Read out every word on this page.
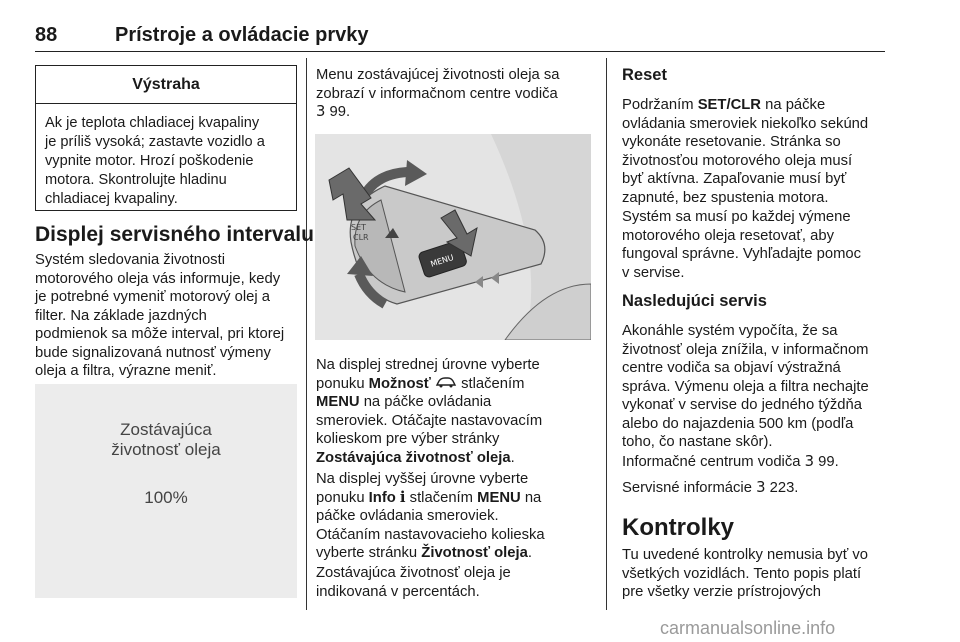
88	Prístroje a ovládacie prvky
Výstraha
Ak je teplota chladiacej kvapaliny
je príliš vysoká; zastavte vozidlo a
vypnite motor. Hrozí poškodenie
motora. Skontrolujte hladinu
chladiacej kvapaliny.
Displej servisného intervalu
Systém sledovania životnosti
motorového oleja vás informuje, kedy
je potrebné vymeniť motorový olej a
filter. Na základe jazdných
podmienok sa môže interval, pri ktorej
bude signalizovaná nutnosť výmeny
oleja a filtra, výrazne meniť.
Zostávajúca
životnosť oleja
100%
Menu zostávajúcej životnosti oleja sa
zobrazí v informačnom centre vodiča
3 99.
SET
CLR
MENU
Na displej strednej úrovne vyberte
ponuku Možnosť stlačením
MENU na páčke ovládania
smeroviek. Otáčajte nastavovacím
kolieskom pre výber stránky
Zostávajúca životnosť oleja.
Na displej vyššej úrovne vyberte
ponuku Info i stlačením MENU na
páčke ovládania smeroviek.
Otáčaním nastavovacieho kolieska
vyberte stránku Životnosť oleja.
Zostávajúca životnosť oleja je
indikovaná v percentách.
Reset
Podržaním SET/CLR na páčke
ovládania smeroviek niekoľko sekúnd
vykonáte resetovanie. Stránka so
životnosťou motorového oleja musí
byť aktívna. Zapaľovanie musí byť
zapnuté, bez spustenia motora.
Systém sa musí po každej výmene
motorového oleja resetovať, aby
fungoval správne. Vyhľadajte pomoc
v servise.
Nasledujúci servis
Akonáhle systém vypočíta, že sa
životnosť oleja znížila, v informačnom
centre vodiča sa objaví výstražná
správa. Výmenu oleja a filtra nechajte
vykonať v servise do jedného týždňa
alebo do najazdenia 500 km (podľa
toho, čo nastane skôr).
Informačné centrum vodiča 3 99.
Servisné informácie 3 223.
Kontrolky
Tu uvedené kontrolky nemusia byť vo
všetkých vozidlách. Tento popis platí
pre všetky verzie prístrojových
carmanualsonline.info
